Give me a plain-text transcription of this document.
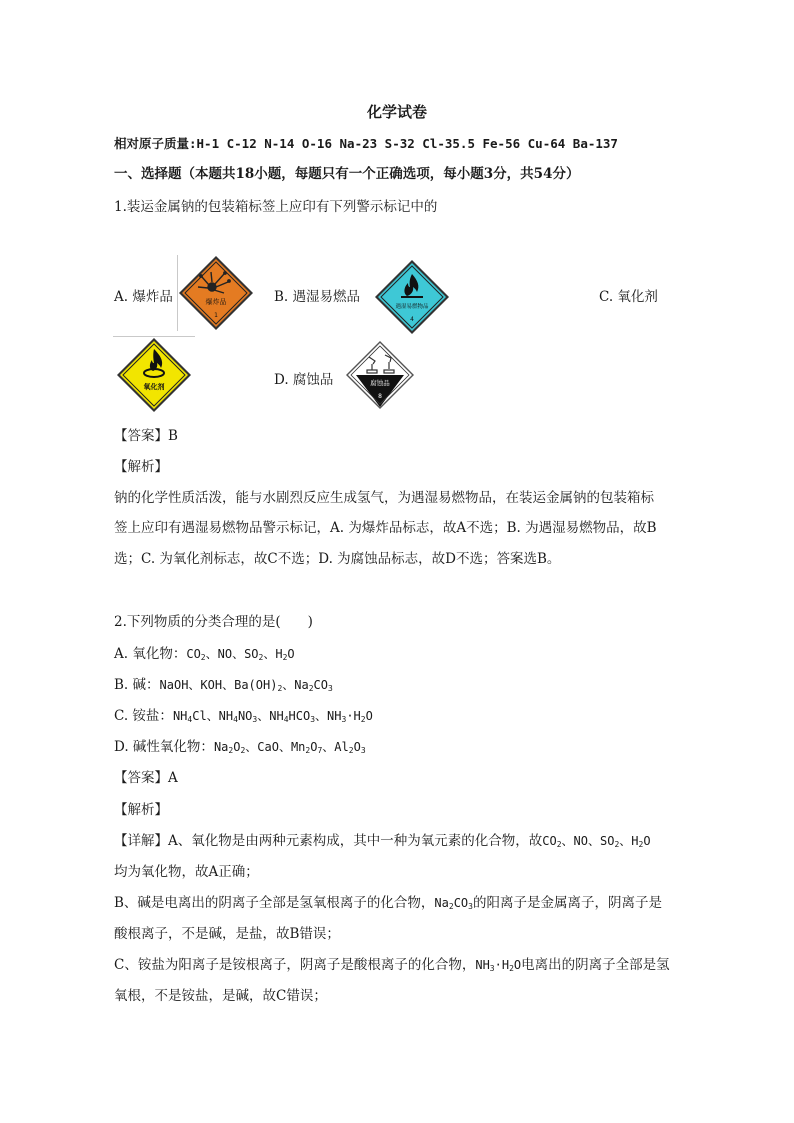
化学试卷
相对原子质量:H-1 C-12 N-14 O-16 Na-23 S-32 Cl-35.5 Fe-56 Cu-64 Ba-137
一、选择题（本题共18小题，每题只有一个正确选项，每小题3分，共54分）
1.装运金属钠的包装箱标签上应印有下列警示标记中的
A. 爆炸品	爆炸品
1
B. 遇湿易燃品
遇湿易燃物品
4
C. 氧化剂
氧化剂	D. 腐蚀品	腐蚀品
8
【答案】B
【解析】
钠的化学性质活泼，能与水剧烈反应生成氢气，为遇湿易燃物品，在装运金属钠的包装箱标
签上应印有遇湿易燃物品警示标记，A. 为爆炸品标志，故A不选；B. 为遇湿易燃物品，故B
选；C. 为氧化剂标志，故C不选；D. 为腐蚀品标志，故D不选；答案选B。
2.下列物质的分类合理的是(　　)
A. 氧化物：$CO_2$、NO、$SO_2$、$H_2O$
B. 碱：NaOH、KOH、$Ba(OH)_2$、$Na_2CO_3$
C. 铵盐：$NH_4Cl$、$NH_4NO_3$、$NH_4HCO_3$、$NH_3\cdot H_2O$
D. 碱性氧化物：$Na_2O_2$、CaO、$Mn_2O_7$、$Al_2O_3$
【答案】A
【解析】
【详解】A、氧化物是由两种元素构成，其中一种为氧元素的化合物，故$CO_2$、NO、$SO_2$、$H_2O$
均为氧化物，故A正确；
B、碱是电离出的阴离子全部是氢氧根离子的化合物，$Na_2CO_3$的阳离子是金属离子，阴离子是
酸根离子，不是碱，是盐，故B错误；
C、铵盐为阳离子是铵根离子，阴离子是酸根离子的化合物，$NH_3\cdot H_2O$电离出的阴离子全部是氢
氧根，不是铵盐，是碱，故C错误；
